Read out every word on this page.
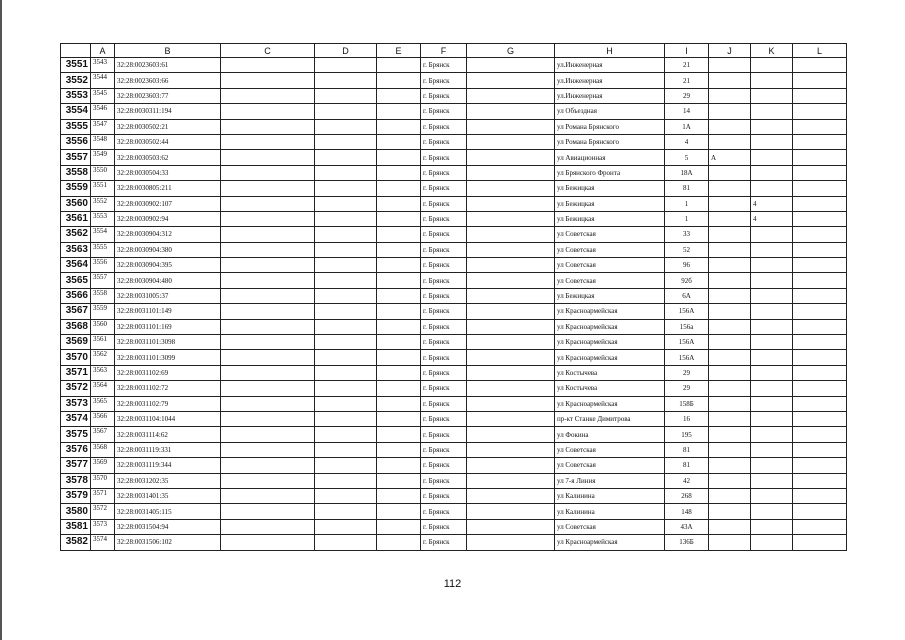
	A	B	C	D	E	F	G	H	I	J	K	L
3551	3543	32:28:0023603:61				г. Брянск		ул.Инженерная	21			
3552	3544	32:28:0023603:66				г. Брянск		ул.Инженерная	21			
3553	3545	32:28:0023603:77				г. Брянск		ул.Инженерная	29			
3554	3546	32:28:0030311:194				г. Брянск		ул Объездная	14			
3555	3547	32:28:0030502:21				г. Брянск		ул Романа Брянского	1А			
3556	3548	32:28:0030502:44				г. Брянск		ул Романа Брянского	4			
3557	3549	32:28:0030503:62				г. Брянск		ул Авиационная	5	А		
3558	3550	32:28:0030504:33				г. Брянск		ул Брянского Фронта	18А			
3559	3551	32:28:0030805:211				г. Брянск		ул Бежицкая	81			
3560	3552	32:28:0030902:107				г. Брянск		ул Бежицкая	1		4	
3561	3553	32:28:0030902:94				г. Брянск		ул Бежицкая	1		4	
3562	3554	32:28:0030904:312				г. Брянск		ул Советская	33			
3563	3555	32:28:0030904:380				г. Брянск		ул Советская	52			
3564	3556	32:28:0030904:395				г. Брянск		ул Советская	96			
3565	3557	32:28:0030904:480				г. Брянск		ул Советская	92б			
3566	3558	32:28:0031005:37				г. Брянск		ул Бежицкая	6А			
3567	3559	32:28:0031101:149				г. Брянск		ул Красноармейская	156А			
3568	3560	32:28:0031101:169				г. Брянск		ул Красноармейская	156а			
3569	3561	32:28:0031101:3098				г. Брянск		ул Красноармейская	156А			
3570	3562	32:28:0031101:3099				г. Брянск		ул Красноармейская	156А			
3571	3563	32:28:0031102:69				г. Брянск		ул Костычева	29			
3572	3564	32:28:0031102:72				г. Брянск		ул Костычева	29			
3573	3565	32:28:0031102:79				г. Брянск		ул Красноармейская	158Б			
3574	3566	32:28:0031104:1044				г. Брянск		пр-кт Станке Димитрова	16			
3575	3567	32:28:0031114:62				г. Брянск		ул Фокина	195			
3576	3568	32:28:0031119:331				г. Брянск		ул Советская	81			
3577	3569	32:28:0031119:344				г. Брянск		ул Советская	81			
3578	3570	32:28:0031202:35				г. Брянск		ул 7-я Линия	42			
3579	3571	32:28:0031401:35				г. Брянск		ул Калинина	268			
3580	3572	32:28:0031405:115				г. Брянск		ул Калинина	148			
3581	3573	32:28:0031504:94				г. Брянск		ул Советская	43А			
3582	3574	32:28:0031506:102				г. Брянск		ул Красноармейская	136Б			
112
